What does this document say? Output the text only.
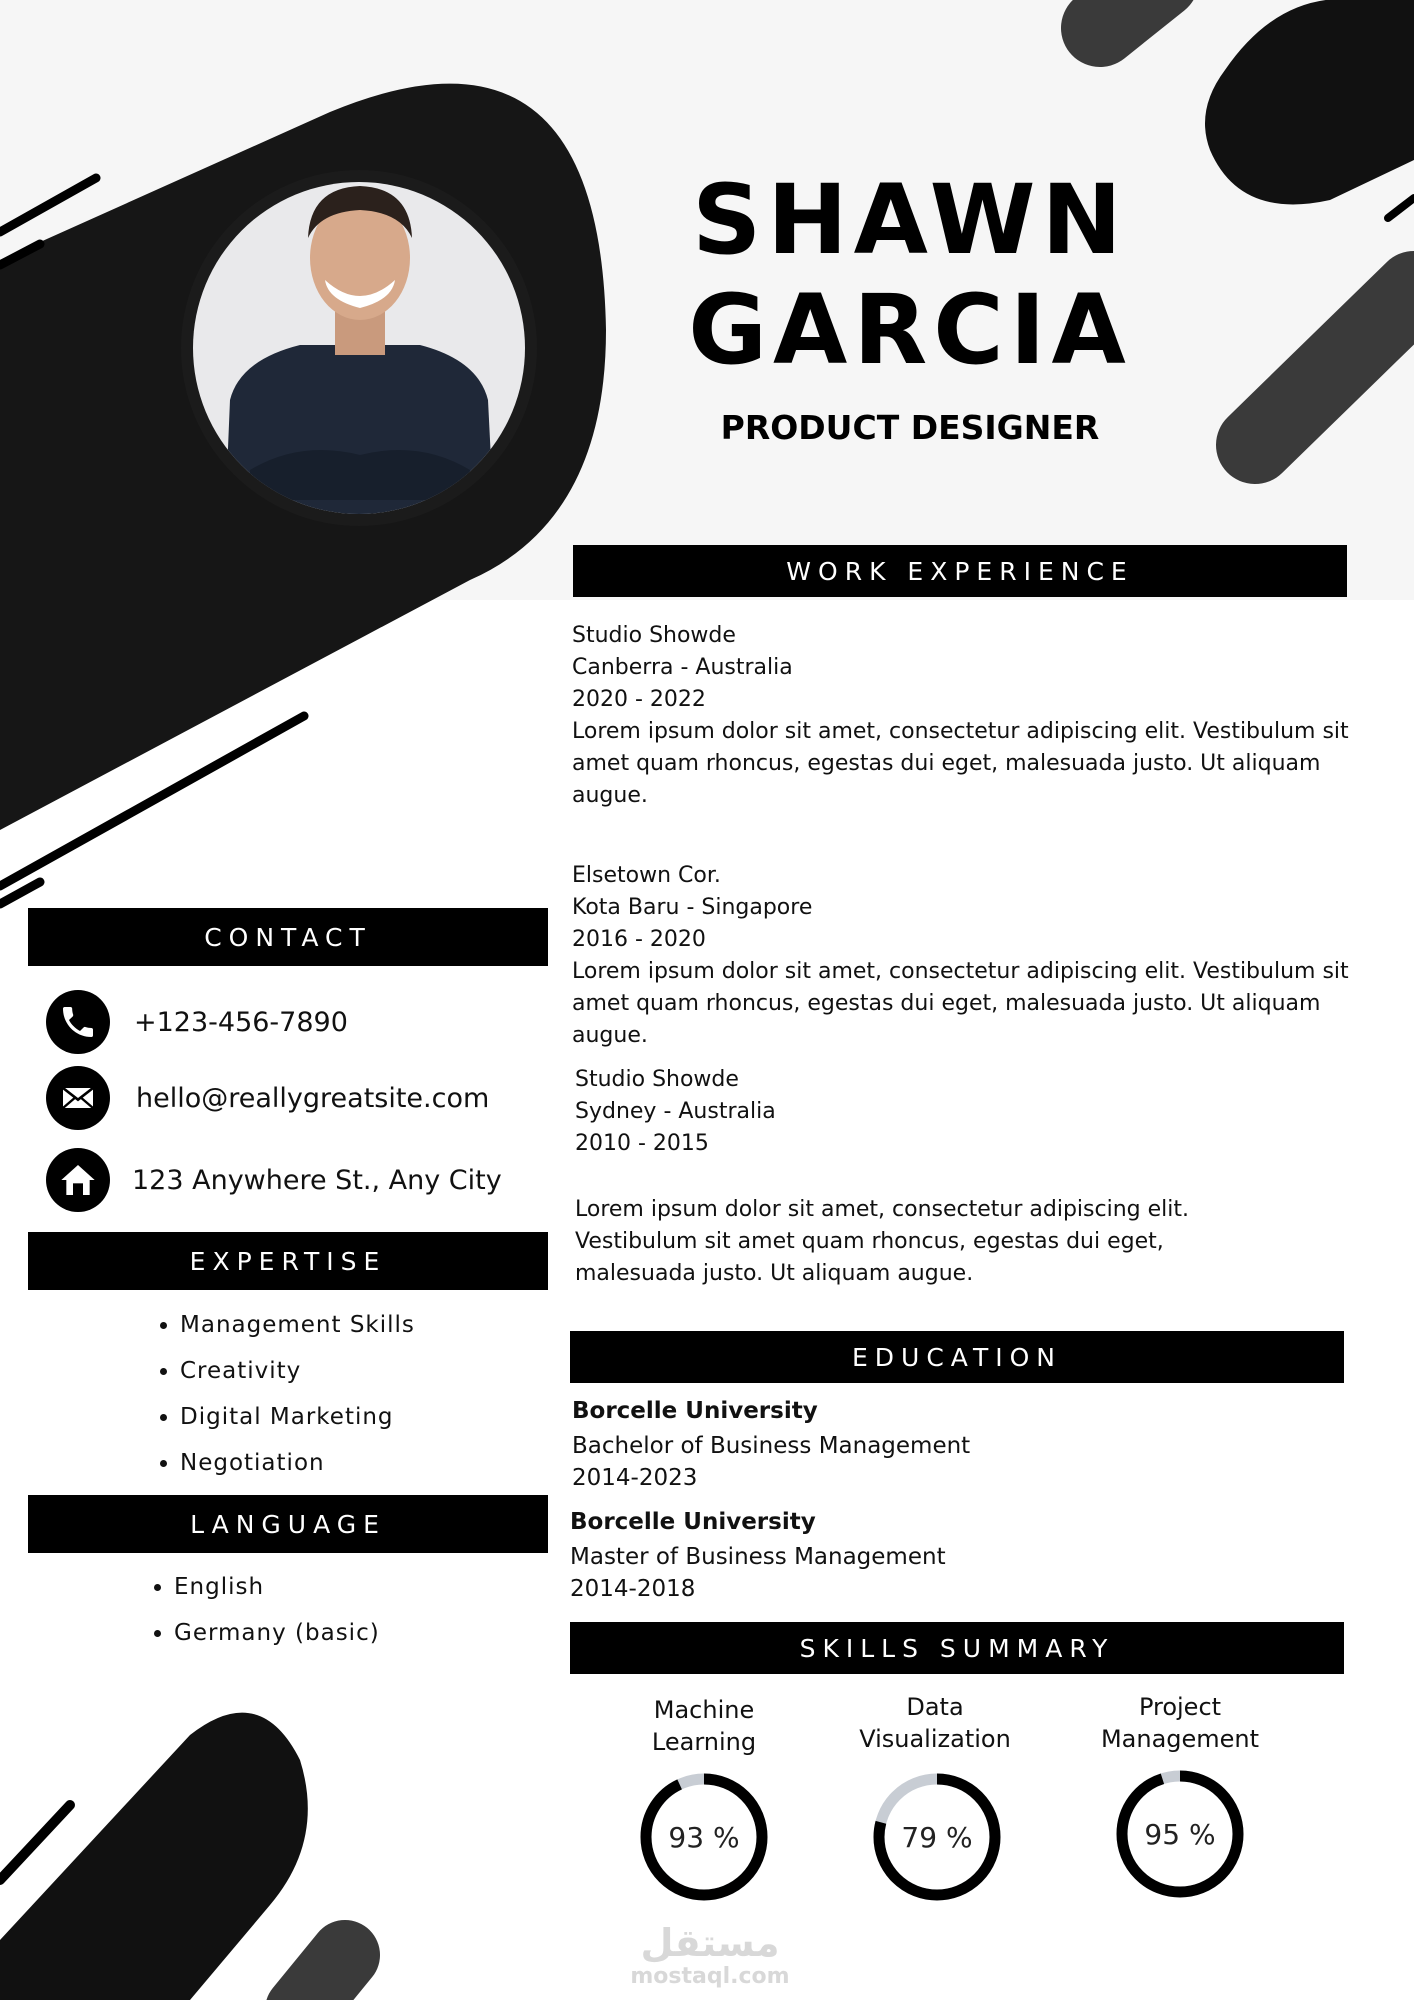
SHAWN
GARCIA
PRODUCT DESIGNER
WORK EXPERIENCE
Studio Showde
Canberra - Australia
2020 - 2022
Lorem ipsum dolor sit amet, consectetur adipiscing elit. Vestibulum sit amet quam rhoncus, egestas dui eget, malesuada justo. Ut aliquam augue.
Elsetown Cor.
Kota Baru - Singapore
2016 - 2020
Lorem ipsum dolor sit amet, consectetur adipiscing elit. Vestibulum sit amet quam rhoncus, egestas dui eget, malesuada justo. Ut aliquam augue.
Studio Showde
Sydney - Australia
2010 - 2015
Lorem ipsum dolor sit amet, consectetur adipiscing elit. Vestibulum sit amet quam rhoncus, egestas dui eget, malesuada justo. Ut aliquam augue.
CONTACT
+123-456-7890
hello@reallygreatsite.com
123 Anywhere St., Any City
EXPERTISE
• Management Skills
• Creativity
• Digital Marketing
• Negotiation
LANGUAGE
• English
• Germany (basic)
EDUCATION
Borcelle University
Bachelor of Business Management
2014-2023
Borcelle University
Master of Business Management
2014-2018
SKILLS SUMMARY
Machine
Learning
Data
Visualization
Project
Management
93 %	79 %	95 %
مستقل
mostaql.com
